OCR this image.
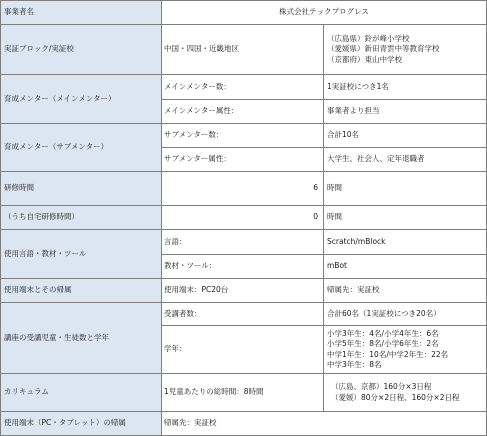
事業者名	株式会社テックプログレス
実証ブロック/実証校	中国・四国・近畿地区
（広島県）鈴が峰小学校
（愛媛県）新田青雲中等教育学校
（京都府）東山中学校
育成メンター（メインメンター）
メインメンター数：	1実証校につき1名
メインメンター属性：	事業者より担当
育成メンター（サブメンター）
サブメンター数：	合計10名
サブメンター属性：	大学生、社会人、定年退職者
研修時間	6 時間
（うち自宅研修時間）	0 時間
使用言語・教材・ツール
言語：	Scratch/mBlock
教材・ツール：	mBot
使用端末とその帰属	使用端末：PC20台	帰属先：実証校
講座の受講児童・生徒数と学年
受講者数：	合計60名（1実証校につき20名）
学年：
小学3年生：4名/小学4年生：6名
小学5年生：8名/小学6年生：2名
中学1年生：10名/中学2年生：22名
中学3年生：8名
カリキュラム	1児童あたりの総時間：8時間
（広島、京都）160分×3日程
（愛媛）80分×2日程、160分×2日程
使用端末（PC・タブレット）の帰属	帰属先：実証校
